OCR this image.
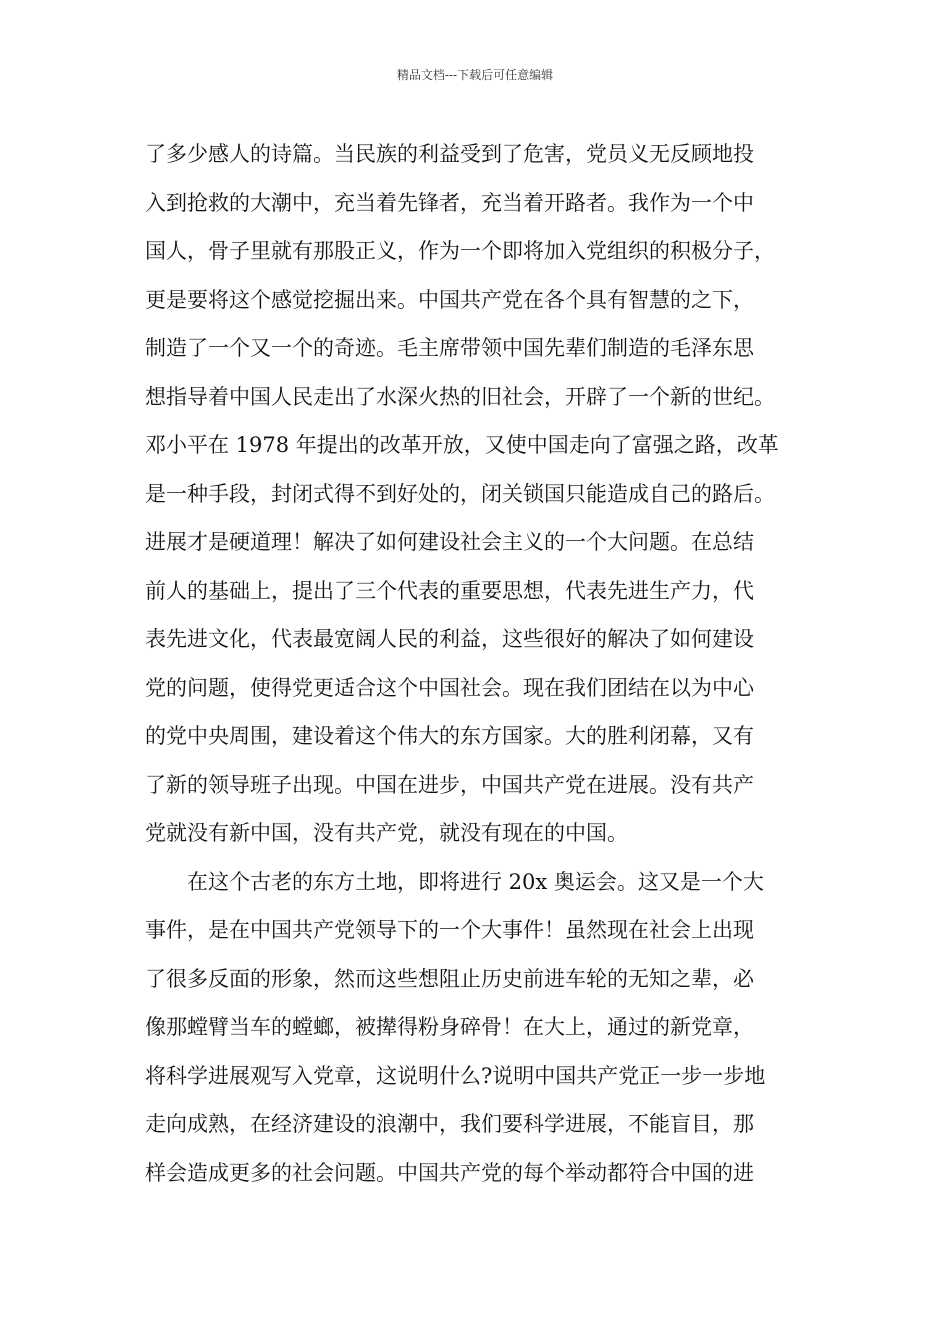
精品文档---下载后可任意编辑
了多少感人的诗篇。当民族的利益受到了危害，党员义无反顾地投
入到抢救的大潮中，充当着先锋者，充当着开路者。我作为一个中
国人，骨子里就有那股正义，作为一个即将加入党组织的积极分子，
更是要将这个感觉挖掘出来。中国共产党在各个具有智慧的之下，
制造了一个又一个的奇迹。毛主席带领中国先辈们制造的毛泽东思
想指导着中国人民走出了水深火热的旧社会，开辟了一个新的世纪。
邓小平在 1978 年提出的改革开放，又使中国走向了富强之路，改革
是一种手段，封闭式得不到好处的，闭关锁国只能造成自己的路后。
进展才是硬道理！解决了如何建设社会主义的一个大问题。在总结
前人的基础上，提出了三个代表的重要思想，代表先进生产力，代
表先进文化，代表最宽阔人民的利益，这些很好的解决了如何建设
党的问题，使得党更适合这个中国社会。现在我们团结在以为中心
的党中央周围，建设着这个伟大的东方国家。大的胜利闭幕，又有
了新的领导班子出现。中国在进步，中国共产党在进展。没有共产
党就没有新中国，没有共产党，就没有现在的中国。
在这个古老的东方土地，即将进行 20x 奥运会。这又是一个大
事件，是在中国共产党领导下的一个大事件！虽然现在社会上出现
了很多反面的形象，然而这些想阻止历史前进车轮的无知之辈，必
像那螳臂当车的螳螂，被撵得粉身碎骨！在大上，通过的新党章，
将科学进展观写入党章，这说明什么?说明中国共产党正一步一步地
走向成熟，在经济建设的浪潮中，我们要科学进展，不能盲目，那
样会造成更多的社会问题。中国共产党的每个举动都符合中国的进
